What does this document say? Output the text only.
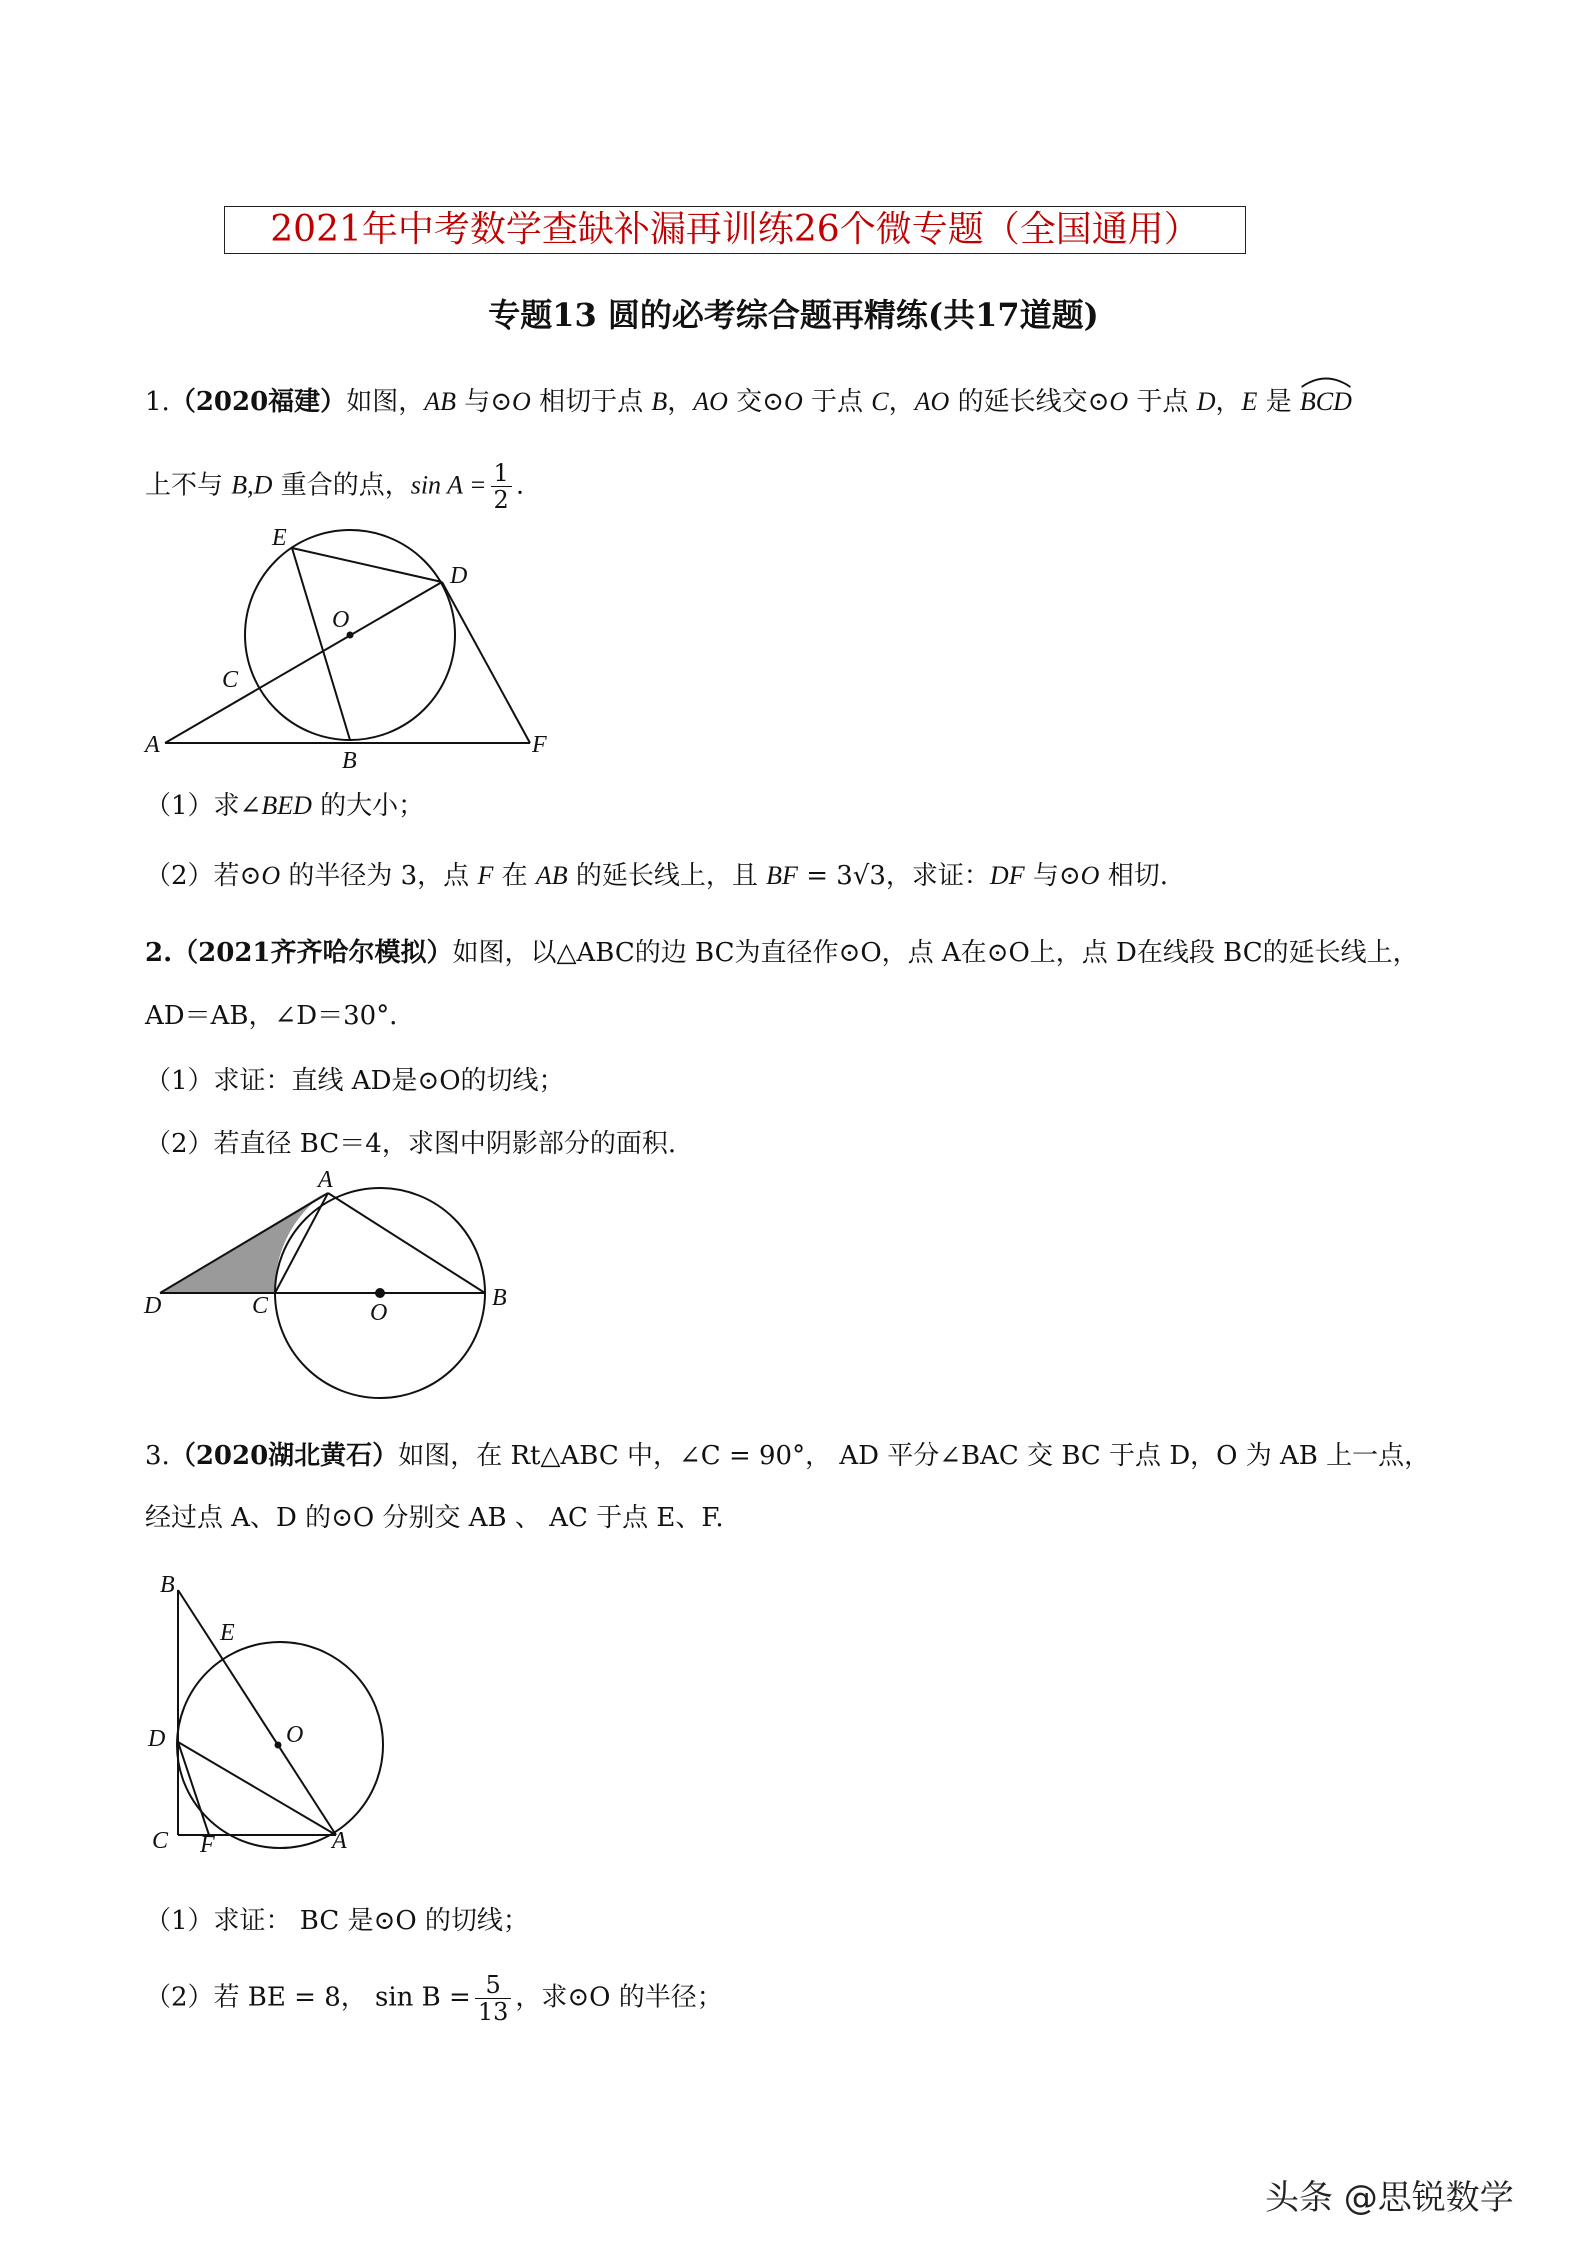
2021年中考数学查缺补漏再训练26个微专题（全国通用）
专题13 圆的必考综合题再精练(共17道题)
1.（2020福建）如图，AB 与⊙O 相切于点 B，AO 交⊙O 于点 C，AO 的延长线交⊙O 于点 D，E 是
BCD
上不与 B,D 重合的点，$\sin A = \frac{1}{2}$ .
E
D
O
C
A
B
F
（1）求∠BED 的大小；
（2）若⊙O 的半径为 3，点 F 在 AB 的延长线上，且 BF = 3√3，求证：DF 与⊙O 相切.
2.（2021齐齐哈尔模拟）如图，以△ABC的边 BC为直径作⊙O，点 A在⊙O上，点 D在线段 BC的延长线上，
AD＝AB，∠D＝30°．
（1）求证：直线 AD是⊙O的切线；
（2）若直径 BC＝4，求图中阴影部分的面积.
A
D	C	O
B
3.（2020湖北黄石）如图，在 Rt△ABC 中，∠C = 90°， AD 平分∠BAC 交 BC 于点 D，O 为 AB 上一点，
经过点 A、D 的⊙O 分别交 AB 、 AC 于点 E、F.
B
E
O
D
C F	A
（1）求证： BC 是⊙O 的切线；
（2）若 BE = 8， $\sin B = \frac{5}{13}$ ，求⊙O 的半径；
头条 @思锐数学
